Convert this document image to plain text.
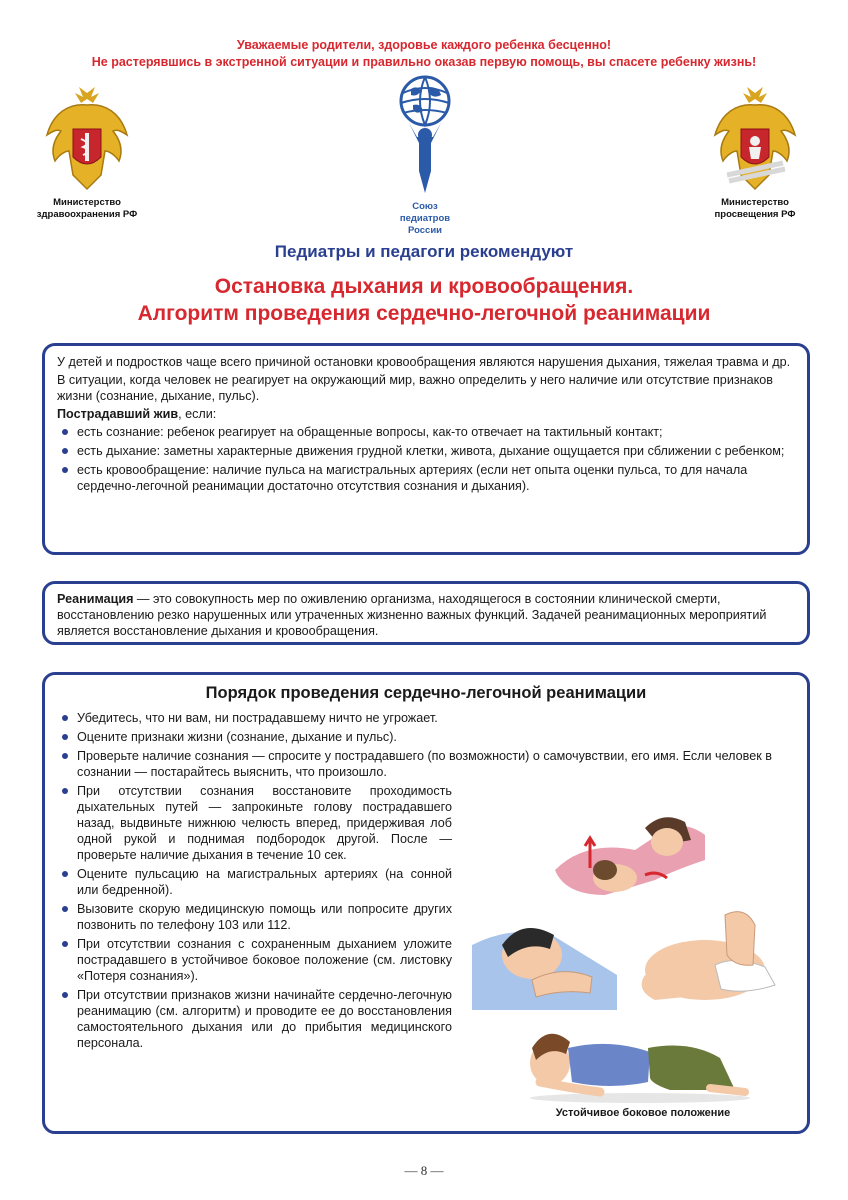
Уважаемые родители, здоровье каждого ребенка бесценно!
Не растерявшись в экстренной ситуации и правильно оказав первую помощь, вы спасете ребенку жизнь!
Министерство
здравоохранения РФ
Союз
педиатров
России
Министерство
просвещения РФ
Педиатры и педагоги рекомендуют
Остановка дыхания и кровообращения.
Алгоритм проведения сердечно-легочной реанимации

У детей и подростков чаще всего причиной остановки кровообращения являются нарушения дыхания, тяжелая травма и др.

В ситуации, когда человек не реагирует на окружающий мир, важно определить у него наличие или отсутствие признаков жизни (сознание, дыхание, пульс).

Пострадавший жив, если:

есть сознание: ребенок реагирует на обращенные вопросы, как-то отвечает на тактильный контакт;
есть дыхание: заметны характерные движения грудной клетки, живота, дыхание ощущается при сближении с ребенком;
есть кровообращение: наличие пульса на магистральных артериях (если нет опыта оценки пульса, то для начала сердечно-легочной реанимации достаточно отсутствия сознания и дыхания).

Реанимация — это совокупность мер по оживлению организма, находящегося в состоянии клинической смерти, восстановлению резко нарушенных или утраченных жизненно важных функций. Задачей реанимационных мероприятий является восстановление дыхания и кровообращения.

Порядок проведения сердечно-легочной реанимации
Убедитесь, что ни вам, ни пострадавшему ничто не угрожает.
Оцените признаки жизни (сознание, дыхание и пульс).
Проверьте наличие сознания — спросите у пострадавшего (по возможности) о самочувствии, его имя. Если человек в сознании — постарайтесь выяснить, что произошло.
При отсутствии сознания восстановите проходимость дыхательных путей — запрокиньте голову пострадавшего назад, выдвиньте нижнюю челюсть вперед, придерживая лоб одной рукой и поднимая подбородок другой. После — проверьте наличие дыхания в течение 10 сек.
Оцените пульсацию на магистральных артериях (на сонной или бедренной).
Вызовите скорую медицинскую помощь или попросите других позвонить по телефону 103 или 112.
При отсутствии сознания с сохраненным дыханием уложите пострадавшего в устойчивое боковое положение (см. листовку «Потеря сознания»).
При отсутствии признаков жизни начинайте сердечно-легочную реанимацию (см. алгоритм) и проводите ее до восстановления самостоятельного дыхания или до прибытия медицинского персонала.
Устойчивое боковое положение
— 8 —
